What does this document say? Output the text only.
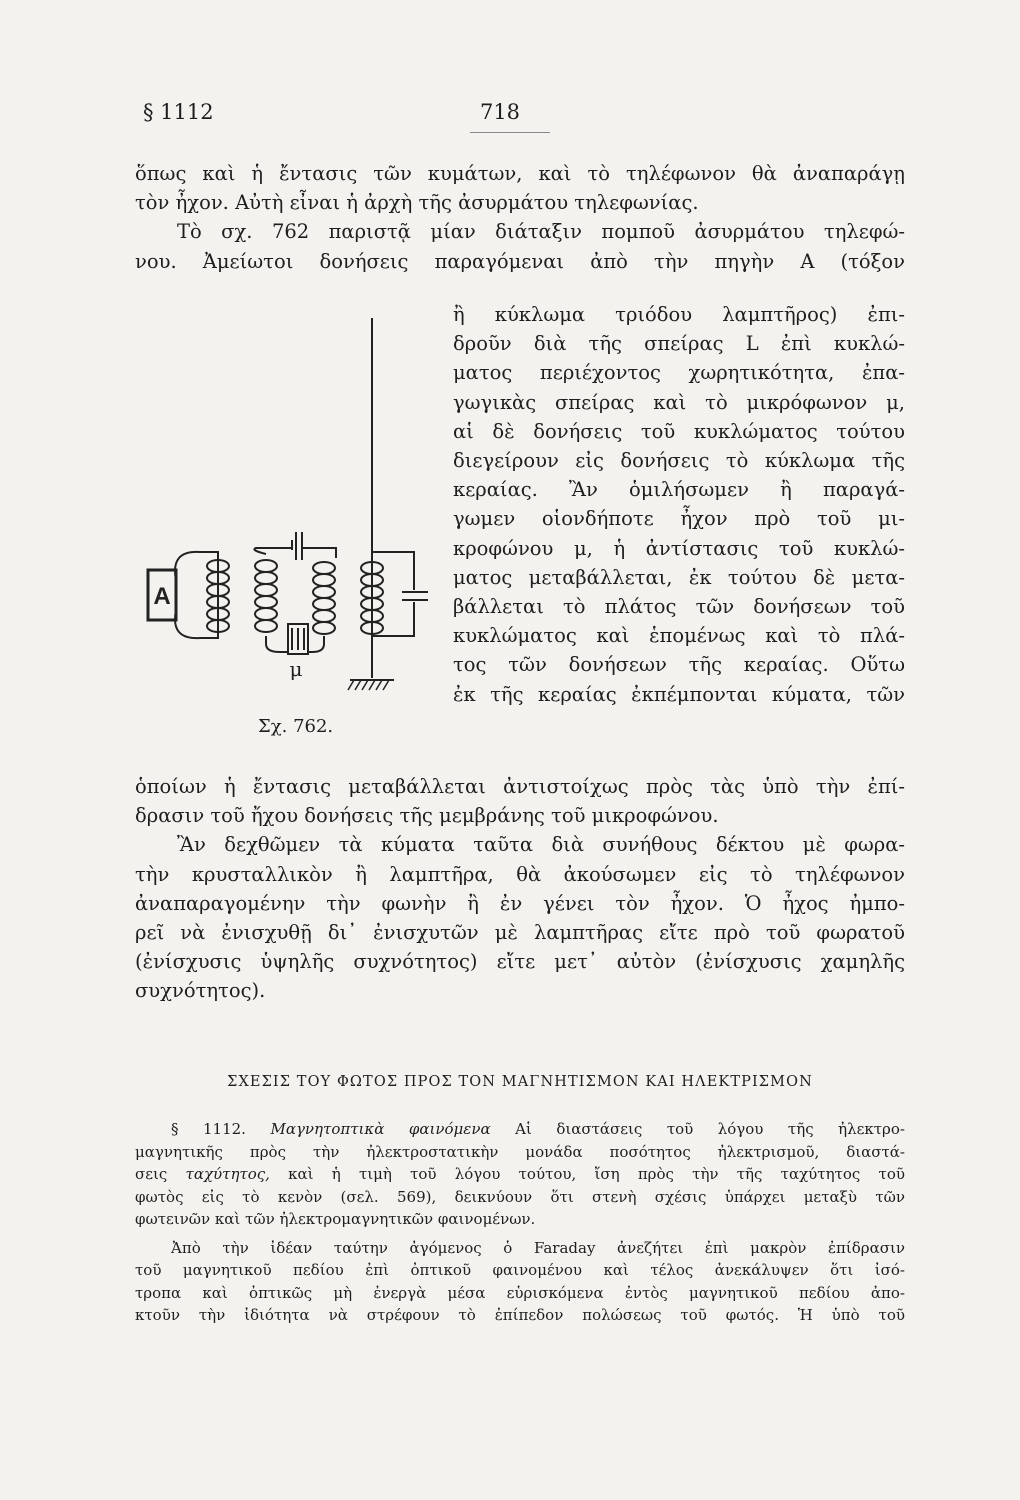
§ 1112	718

ὅπως καὶ ἡ ἔντασις τῶν κυμάτων, καὶ τὸ τηλέφωνον θὰ ἀναπαράγῃ

τὸν ἦχον. Αὐτὴ εἶναι ἡ ἀρχὴ τῆς ἀσυρμάτου τηλεφωνίας.

Τὸ σχ. 762 παριστᾷ μίαν διάταξιν πομποῦ ἀσυρμάτου τηλεφώ-

νου. Ἀμείωτοι δονήσεις παραγόμεναι ἀπὸ τὴν πηγὴν A (τόξον

A
μ
Σχ. 762.

ἢ κύκλωμα τριόδου λαμπτῆρος) ἐπι-

δροῦν διὰ τῆς σπείρας L ἐπὶ κυκλώ-

ματος περιέχοντος χωρητικότητα, ἐπα-

γωγικὰς σπείρας καὶ τὸ μικρόφωνον μ,

αἱ δὲ δονήσεις τοῦ κυκλώματος τούτου

διεγείρουν εἰς δονήσεις τὸ κύκλωμα τῆς

κεραίας. Ἂν ὁμιλήσωμεν ἢ παραγά-

γωμεν οἱονδήποτε ἦχον πρὸ τοῦ μι-

κροφώνου μ, ἡ ἀντίστασις τοῦ κυκλώ-

ματος μεταβάλλεται, ἐκ τούτου δὲ μετα-

βάλλεται τὸ πλάτος τῶν δονήσεων τοῦ

κυκλώματος καὶ ἑπομένως καὶ τὸ πλά-

τος τῶν δονήσεων τῆς κεραίας. Οὕτω

ἐκ τῆς κεραίας ἐκπέμπονται κύματα, τῶν

ὁποίων ἡ ἔντασις μεταβάλλεται ἀντιστοίχως πρὸς τὰς ὑπὸ τὴν ἐπί-

δρασιν τοῦ ἤχου δονήσεις τῆς μεμβράνης τοῦ μικροφώνου.

Ἂν δεχθῶμεν τὰ κύματα ταῦτα διὰ συνήθους δέκτου μὲ φωρα-

τὴν κρυσταλλικὸν ἢ λαμπτῆρα, θὰ ἀκούσωμεν εἰς τὸ τηλέφωνον

ἀναπαραγομένην τὴν φωνὴν ἢ ἐν γένει τὸν ἦχον. Ὁ ἦχος ἠμπο-

ρεῖ νὰ ἐνισχυθῇ δι᾽ ἐνισχυτῶν μὲ λαμπτῆρας εἴτε πρὸ τοῦ φωρατοῦ

(ἐνίσχυσις ὑψηλῆς συχνότητος) εἴτε μετ᾽ αὐτὸν (ἐνίσχυσις χαμηλῆς

συχνότητος).

ΣΧΕΣΙΣ ΤΟΥ ΦΩΤΟΣ ΠΡΟΣ ΤΟΝ ΜΑΓΝΗΤΙΣΜΟΝ ΚΑΙ ΗΛΕΚΤΡΙΣΜΟΝ

§ 1112. Μαγνητοπτικὰ φαινόμενα Αἱ διαστάσεις τοῦ λόγου τῆς ἠλεκτρο-

μαγνητικῆς πρὸς τὴν ἠλεκτροστατικὴν μονάδα ποσότητος ἠλεκτρισμοῦ, διαστά-

σεις ταχύτητος, καὶ ἡ τιμὴ τοῦ λόγου τούτου, ἴση πρὸς τὴν τῆς ταχύτητος τοῦ

φωτὸς εἰς τὸ κενὸν (σελ. 569), δεικνύουν ὅτι στενὴ σχέσις ὑπάρχει μεταξὺ τῶν

φωτεινῶν καὶ τῶν ἠλεκτρομαγνητικῶν φαινομένων.

Ἀπὸ τὴν ἰδέαν ταύτην ἀγόμενος ὁ Faraday ἀνεζήτει ἐπὶ μακρὸν ἐπίδρασιν

τοῦ μαγνητικοῦ πεδίου ἐπὶ ὀπτικοῦ φαινομένου καὶ τέλος ἀνεκάλυψεν ὅτι ἰσό-

τροπα καὶ ὀπτικῶς μὴ ἐνεργὰ μέσα εὑρισκόμενα ἐντὸς μαγνητικοῦ πεδίου ἀπο-

κτοῦν τὴν ἰδιότητα νὰ στρέφουν τὸ ἐπίπεδον πολώσεως τοῦ φωτός. Ἡ ὑπὸ τοῦ
